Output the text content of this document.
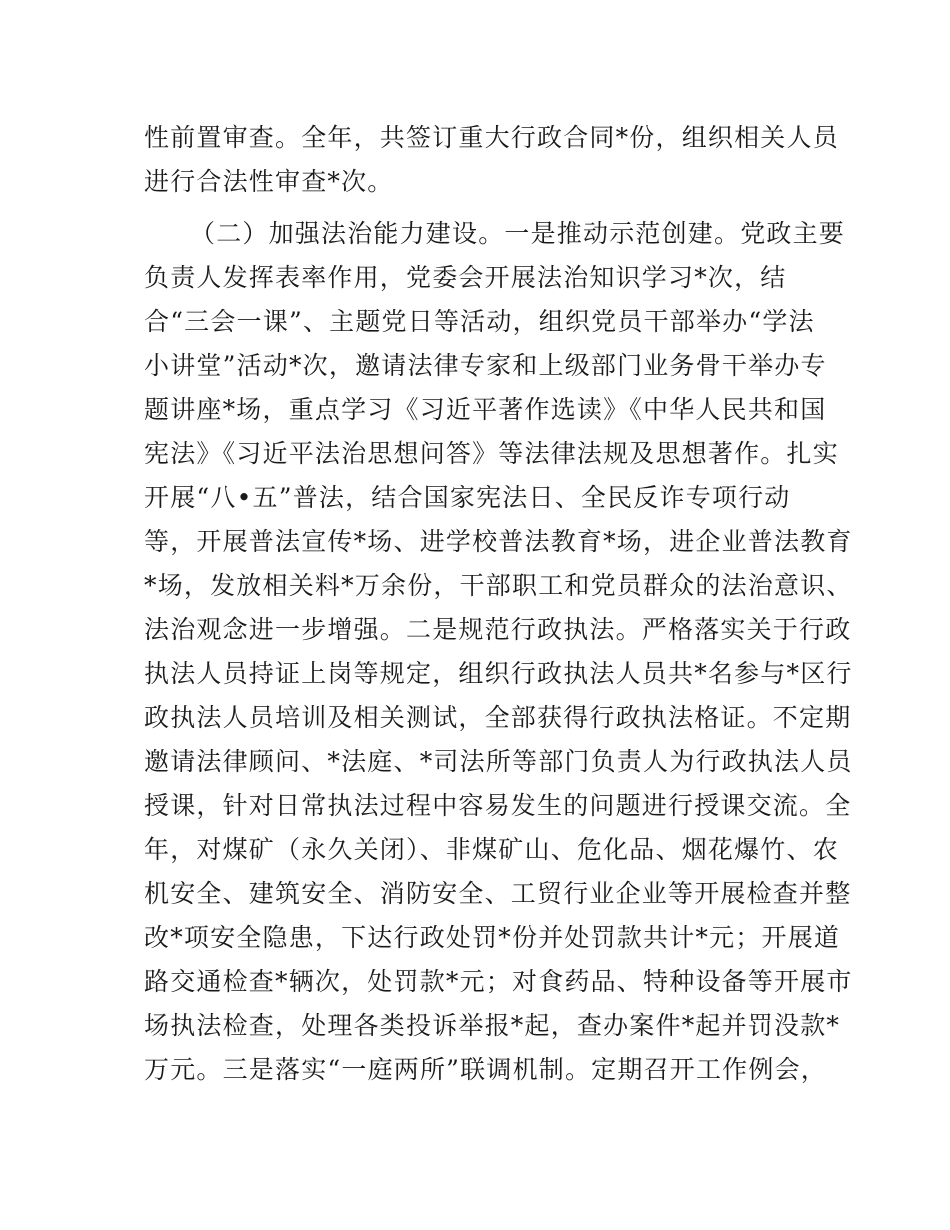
性前置审查。全年，共签订重大行政合同*份，组织相关人员
进行合法性审查*次。
（二）加强法治能力建设。一是推动示范创建。党政主要
负责人发挥表率作用，党委会开展法治知识学习*次，结
合“三会一课”、主题党日等活动，组织党员干部举办“学法
小讲堂”活动*次，邀请法律专家和上级部门业务骨干举办专
题讲座*场，重点学习《习近平著作选读》《中华人民共和国
宪法》《习近平法治思想问答》等法律法规及思想著作。扎实
开展“八•五”普法，结合国家宪法日、全民反诈专项行动
等，开展普法宣传*场、进学校普法教育*场，进企业普法教育
*场，发放相关料*万余份，干部职工和党员群众的法治意识、
法治观念进一步增强。二是规范行政执法。严格落实关于行政
执法人员持证上岗等规定，组织行政执法人员共*名参与*区行
政执法人员培训及相关测试，全部获得行政执法格证。不定期
邀请法律顾问、*法庭、*司法所等部门负责人为行政执法人员
授课，针对日常执法过程中容易发生的问题进行授课交流。全
年，对煤矿（永久关闭）、非煤矿山、危化品、烟花爆竹、农
机安全、建筑安全、消防安全、工贸行业企业等开展检查并整
改*项安全隐患，下达行政处罚*份并处罚款共计*元；开展道
路交通检查*辆次，处罚款*元；对食药品、特种设备等开展市
场执法检查，处理各类投诉举报*起，查办案件*起并罚没款*
万元。三是落实“一庭两所”联调机制。定期召开工作例会，
